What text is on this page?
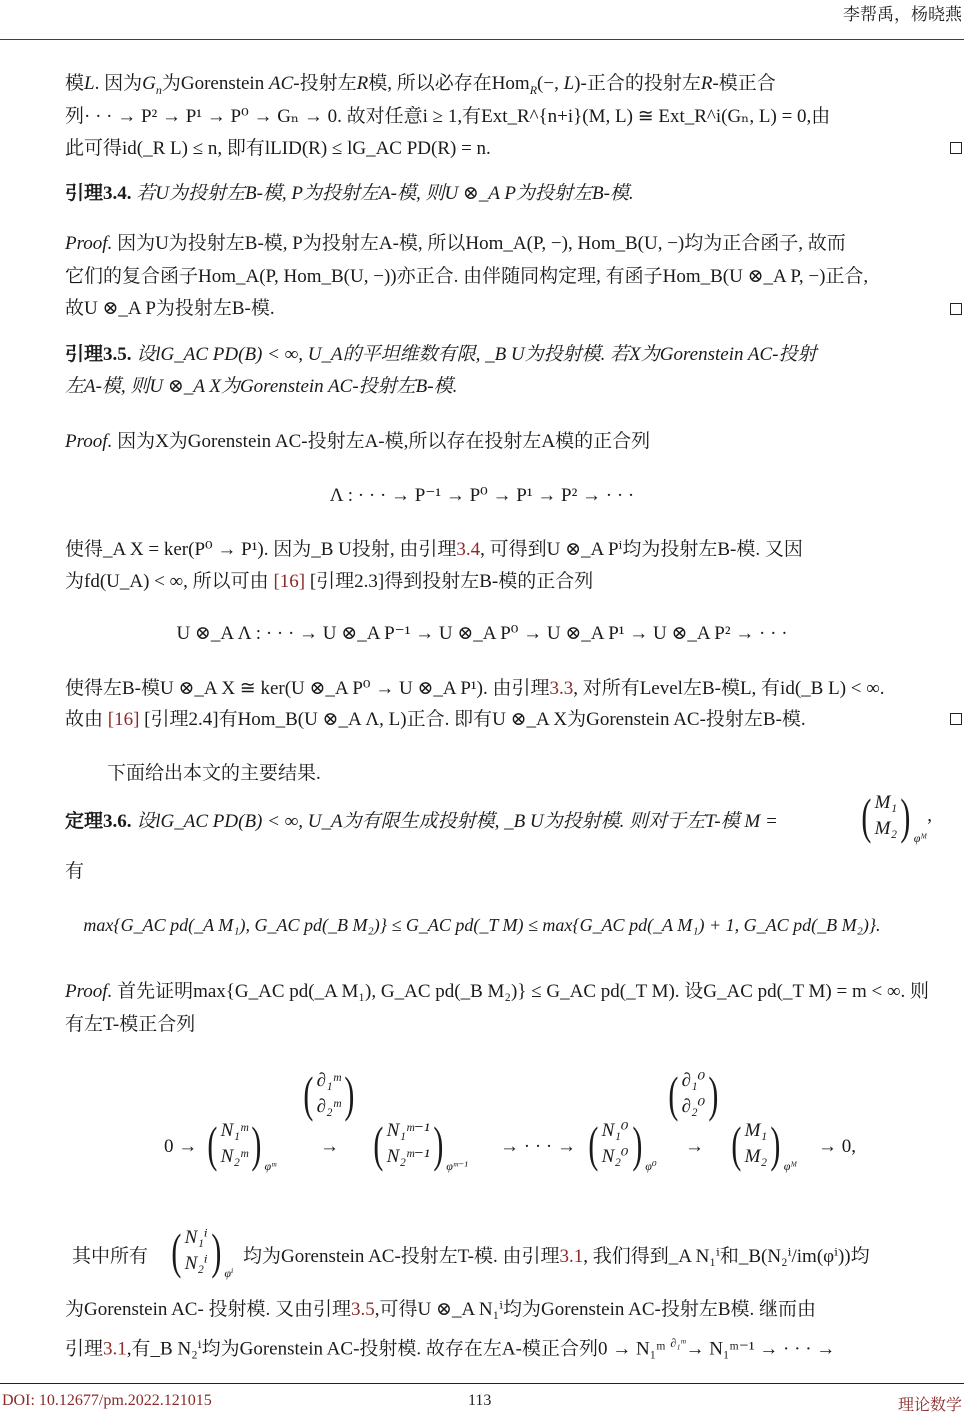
李帮禹，杨晓燕
模L. 因为$G_n$为Gorenstein AC-投射左R模, 所以必存在Hom$_R$(−, L)-正合的投射左R-模正合
列· · · → P² → P¹ → P⁰ → Gₙ → 0. 故对任意i ≥ 1,有Ext_R^{n+i}(M, L) ≅ Ext_R^i(Gₙ, L) = 0,由
此可得id(_R L) ≤ n, 即有lLID(R) ≤ lG_AC PD(R) = n.
引理3.4. 若U为投射左B-模, P为投射左A-模, 则U ⊗_A P为投射左B-模.
Proof. 因为U为投射左B-模, P为投射左A-模, 所以Hom_A(P, −), Hom_B(U, −)均为正合函子, 故而
它们的复合函子Hom_A(P, Hom_B(U, −))亦正合. 由伴随同构定理, 有函子Hom_B(U ⊗_A P, −)正合,
故U ⊗_A P为投射左B-模.
引理3.5. 设lG_AC PD(B) < ∞, U_A的平坦维数有限, _B U为投射模. 若X为Gorenstein AC-投射
左A-模, 则U ⊗_A X为Gorenstein AC-投射左B-模.
Proof. 因为X为Gorenstein AC-投射左A-模,所以存在投射左A模的正合列
Λ : · · · → P⁻¹ → P⁰ → P¹ → P² → · · ·
使得_A X = ker(P⁰ → P¹). 因为_B U投射, 由引理3.4, 可得到U ⊗_A Pⁱ均为投射左B-模. 又因
为fd(U_A) < ∞, 所以可由 [16] [引理2.3]得到投射左B-模的正合列
U ⊗_A Λ : · · · → U ⊗_A P⁻¹ → U ⊗_A P⁰ → U ⊗_A P¹ → U ⊗_A P² → · · ·
使得左B-模U ⊗_A X ≅ ker(U ⊗_A P⁰ → U ⊗_A P¹). 由引理3.3, 对所有Level左B-模L, 有id(_B L) < ∞.
故由 [16] [引理2.4]有Hom_B(U ⊗_A Λ, L)正合. 即有U ⊗_A X为Gorenstein AC-投射左B-模.
下面给出本文的主要结果.
定理3.6. 设lG_AC PD(B) < ∞, U_A为有限生成投射模, _B U为投射模. 则对于左T-模 M = ( M₁
M₂ ) φᴹ
,
有
max{G_AC pd(_A M₁), G_AC pd(_B M₂)} ≤ G_AC pd(_T M) ≤ max{G_AC pd(_A M₁) + 1, G_AC pd(_B M₂)}.
Proof. 首先证明max{G_AC pd(_A M₁), G_AC pd(_B M₂)} ≤ G_AC pd(_T M). 设G_AC pd(_T M) = m < ∞. 则
有左T-模正合列
0 → ( N₁ᵐ
N₂ᵐ ) φᵐ
( ∂₁ᵐ
∂₂ᵐ )
→ ( N₁ᵐ⁻¹
N₂ᵐ⁻¹ ) φᵐ⁻¹
→ · · · → ( N₁⁰
N₂⁰ ) φ⁰
( ∂₁⁰
∂₂⁰ )
→ ( M₁
M₂ ) φᴹ
→ 0,
其中所有 ( N₁ⁱ
N₂ⁱ ) φⁱ
均为Gorenstein AC-投射左T-模. 由引理3.1, 我们得到_A N₁ⁱ和_B(N₂ⁱ/im(φⁱ))均
为Gorenstein AC- 投射模. 又由引理3.5,可得U ⊗_A N₁ⁱ均为Gorenstein AC-投射左B模. 继而由
引理3.1,有_B N₂ⁱ均为Gorenstein AC-投射模. 故存在左A-模正合列0 → N₁ᵐ $^{\partial_1ᵐ}$→ N₁ᵐ⁻¹ → · · · →
DOI: 10.12677/pm.2022.121015	113	理论数学
